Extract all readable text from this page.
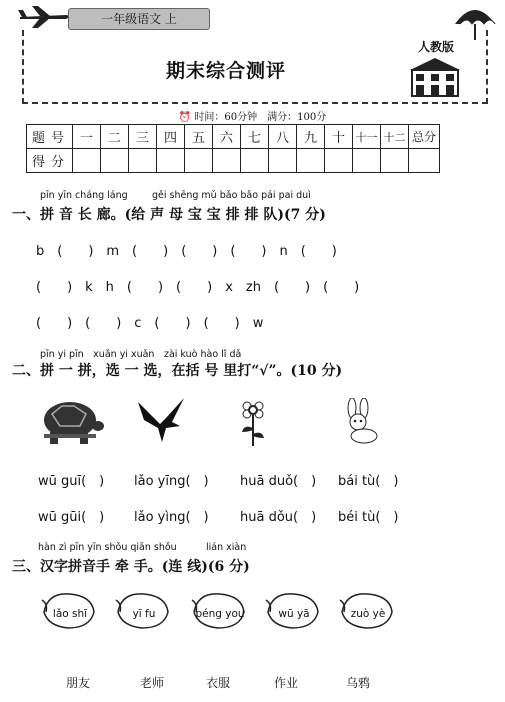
一年级语文 上
期末综合测评
人教版
⏰ 时间：60分钟　满分：100分
题号	一	二	三	四	五	六	七	八	九	十	十一	十二	总分
得分													
pīn yīn cháng láng	gěi shēng mǔ bǎo bǎo pái pai duì
一、拼 音 长 廊。(给 声 母 宝 宝 排 排 队)(7 分)
b　(　　)　m　(　　)　(　　)　(　　)　n　(　　)
(　　)　k　h　(　　)　(　　)　x　zh　(　　)　(　　)
(　　)　(　　)　c　(　　)　(　　)　w
pīn yi pīn　xuǎn yi xuǎn　zài kuò hào lǐ dǎ
二、拼 一 拼，选 一 选，在括 号 里打“√”。(10 分)
wū guī(　) lǎo yīng(　) huā duǒ(　) bái tù(　)
wū gūi(　) lǎo yìng(　) huā dǒu(　) béi tù(　)
hàn zì pīn yīn shǒu qiān shǒu	lián xiàn
三、汉字拼音手 牵 手。(连 线)(6 分)
lǎo shī	yī fu	péng you	wū yā	zuò yè
朋友	老师	衣服	作业	乌鸦
